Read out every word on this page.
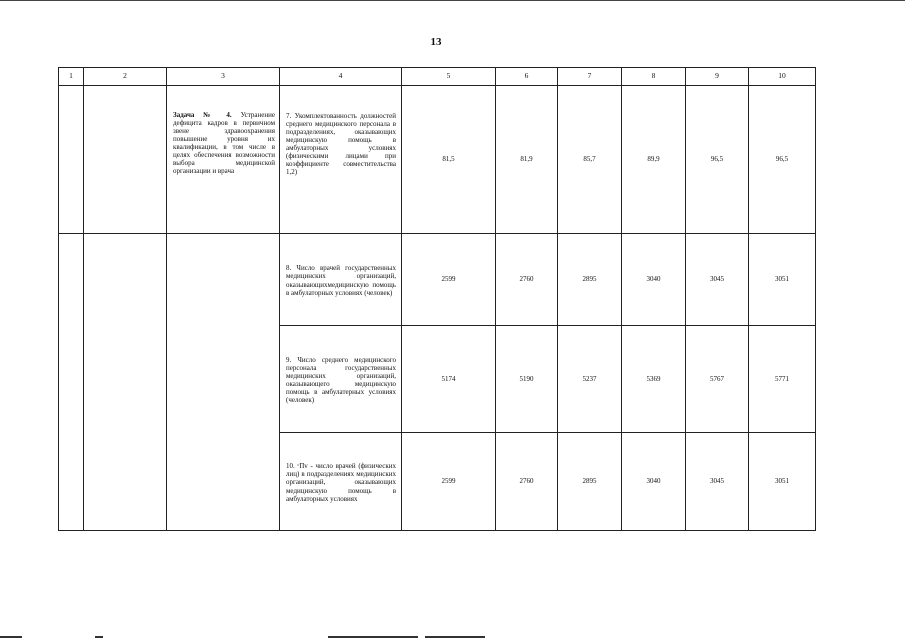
13
1	2	3	4	5	6	7	8	9	10
		Задача № 4. Устранение дефицита кадров в первичном звене здравоохранения повышение уровня их квалификации, в том числе в целях обеспечения возможности выбора медицинской организации и врача	7. Укомплектованность должностей среднего медицинского персонала в подразделениях, оказывающих медицинскую помощь в амбулаторных условиях (физическими лицами при коэффициенте совместительства 1,2)	81,5	81,9	85,7	89,9	96,5	96,5
			8. Число врачей государственных медицинских организаций, оказывающихмедицинскую помощь в амбулаторных условиях (человек)	2599	2760	2895	3040	3045	3051
			9. Число среднего медицинского персонала государственных медицинских организаций, оказывающего медицинскую помощь в амбулатерных условиях (человек)	5174	5190	5237	5369	5767	5771
			10. ᶜПv - число врачей (физических лиц) в подразделениях медицинских организаций, оказывающих медицинскую помощь в амбулаторных условиях	2599	2760	2895	3040	3045	3051
